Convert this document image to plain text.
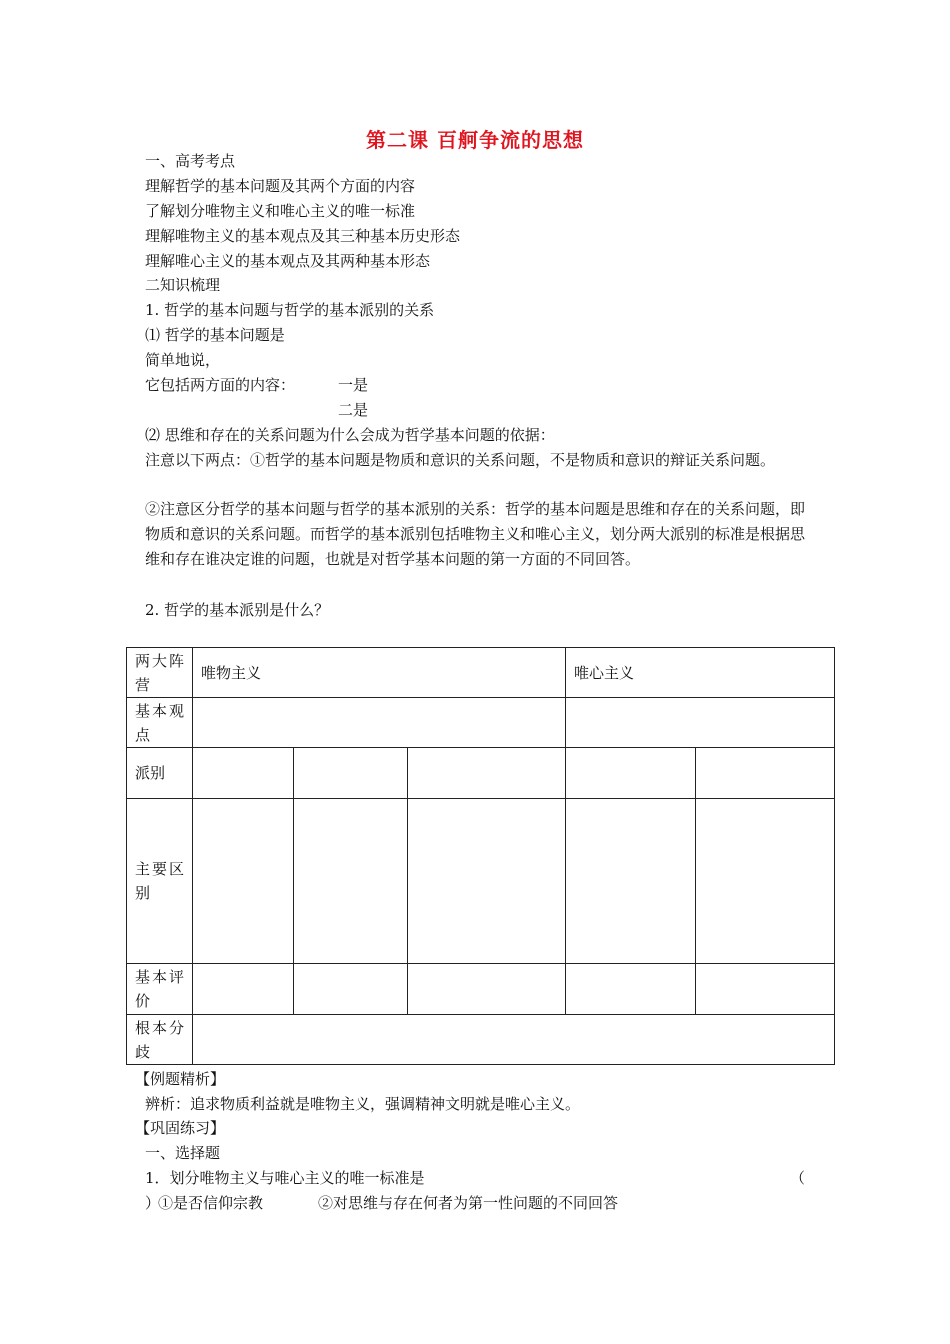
第二课 百舸争流的思想
一、高考考点
理解哲学的基本问题及其两个方面的内容
了解划分唯物主义和唯心主义的唯一标准
理解唯物主义的基本观点及其三种基本历史形态
理解唯心主义的基本观点及其两种基本形态
二知识梳理
1. 哲学的基本问题与哲学的基本派别的关系
⑴ 哲学的基本问题是
简单地说，
它包括两方面的内容：	一是
二是
⑵ 思维和存在的关系问题为什么会成为哲学基本问题的依据：
注意以下两点：①哲学的基本问题是物质和意识的关系问题，不是物质和意识的辩证关系问题。
②注意区分哲学的基本问题与哲学的基本派别的关系：哲学的基本问题是思维和存在的关系问题，即物质和意识的关系问题。而哲学的基本派别包括唯物主义和唯心主义，划分两大派别的标准是根据思维和存在谁决定谁的问题，也就是对哲学基本问题的第一方面的不同回答。
2. 哲学的基本派别是什么？
两大阵营	唯物主义			唯心主义	
基本观点					
派别					
主要区别					
基本评价					
根本分歧					
【例题精析】
辨析：追求物质利益就是唯物主义，强调精神文明就是唯心主义。
【巩固练习】
一、选择题
1．划分唯物主义与唯心主义的唯一标准是	（
）
①是否信仰宗教	②对思维与存在何者为第一性问题的不同回答
